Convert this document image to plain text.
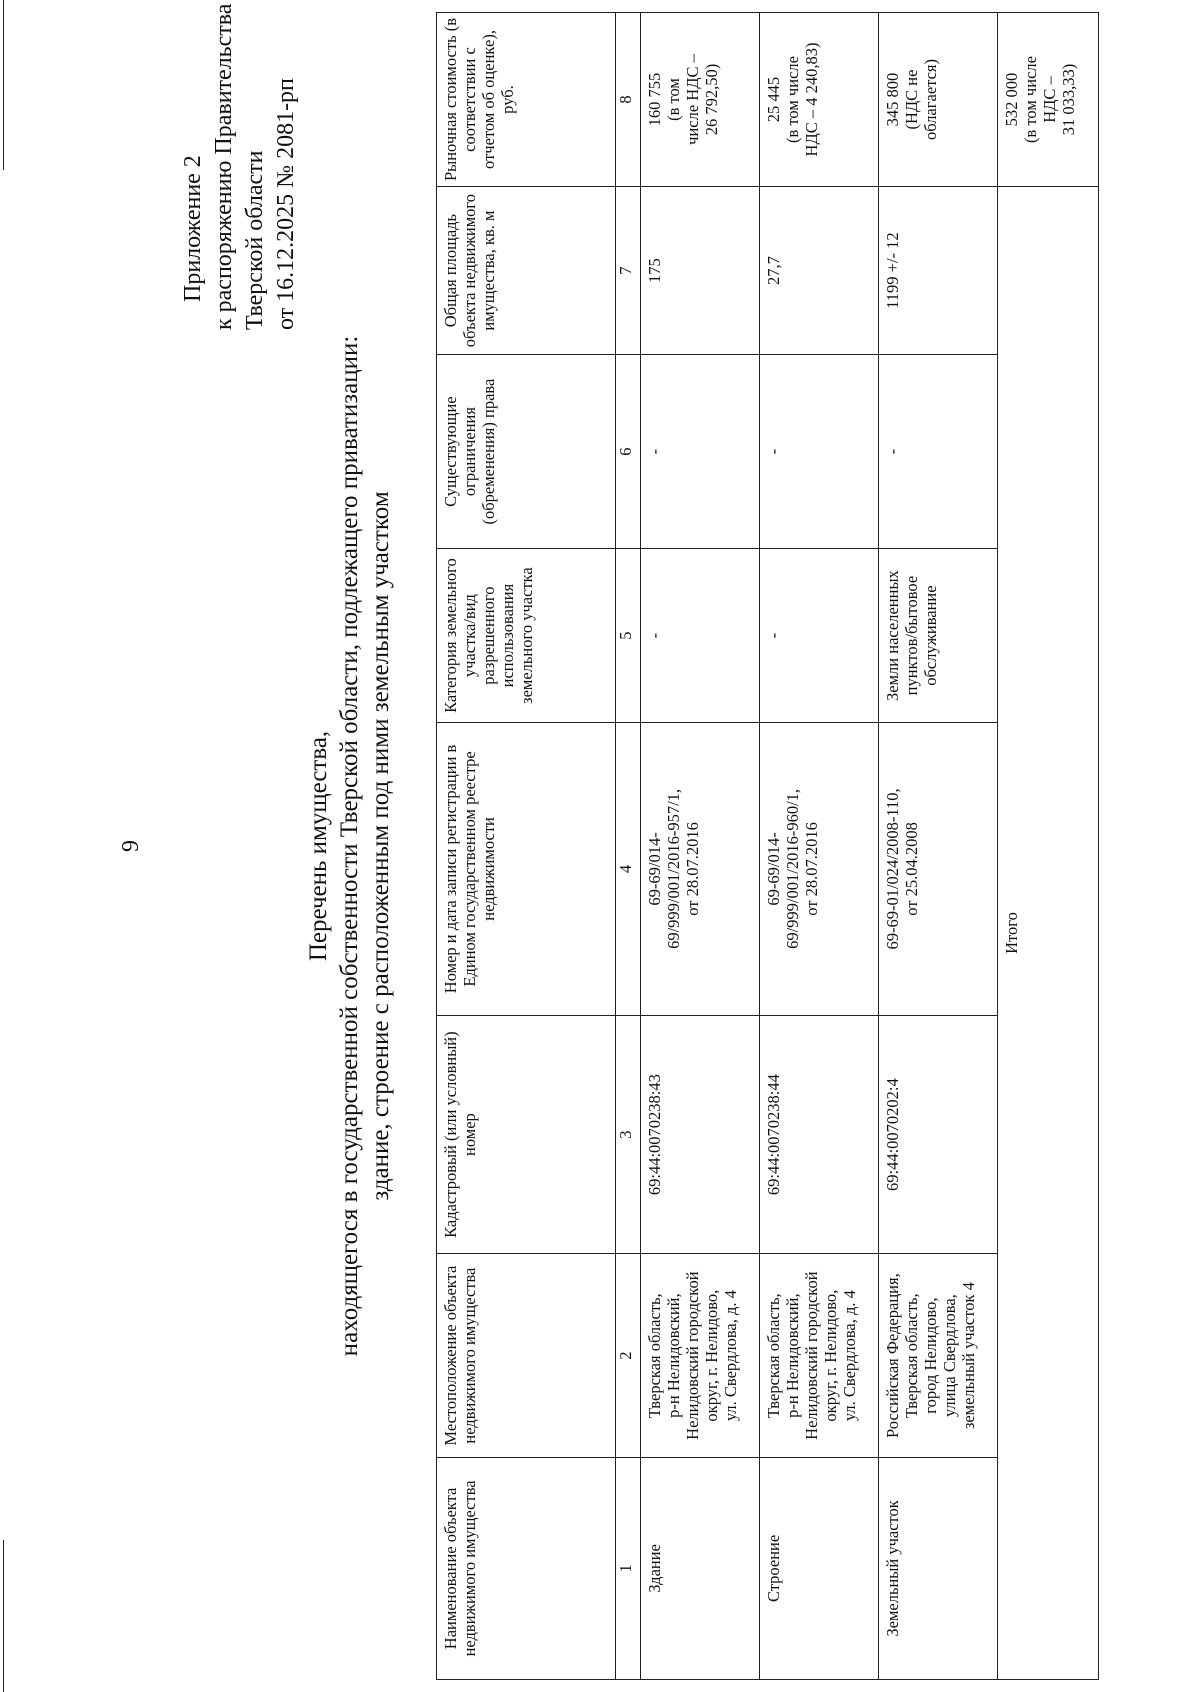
9
Приложение 2 к распоряжению Правительства Тверской области от 16.12.2025 № 2081-рп
Перечень имущества, находящегося в государственной собственности Тверской области, подлежащего приватизации: здание, строение с расположенным под ними земельным участком
Наименование объекта недвижимого имущества	Местоположение объекта недвижимого имущества	Кадастровый (или условный) номер	Номер и дата записи регистрации в Едином государственном реестре недвижимости	Категория земельного участка/вид разрешенного использования земельного участка	Существующие ограничения (обременения) права	Общая площадь объекта недвижимого имущества, кв. м	Рыночная стоимость (в соответствии с отчетом об оценке), руб.
1	2	3	4	5	6	7	8
Здание	Тверская область,
р-н Нелидовский,
Нелидовский городской
округ, г. Нелидово,
ул. Свердлова, д. 4	69:44:0070238:43	69-69/014-
69/999/001/2016-957/1,
от 28.07.2016	-	-	175	160 755
(в том
числе НДС –
26 792,50)
Строение	Тверская область,
р-н Нелидовский,
Нелидовский городской
округ, г. Нелидово,
ул. Свердлова, д. 4	69:44:0070238:44	69-69/014-
69/999/001/2016-960/1,
от 28.07.2016	-	-	27,7	25 445
(в том числе
НДС – 4 240,83)
Земельный участок	Российская Федерация,
Тверская область,
город Нелидово,
улица Свердлова,
земельный участок 4	69:44:0070202:4	69-69-01/024/2008-110,
от 25.04.2008	Земли населенных
пунктов/бытовое
обслуживание	-	1199 +/- 12	345 800
(НДС не
облагается)
Итого							532 000
(в том числе
НДС –
31 033,33)
